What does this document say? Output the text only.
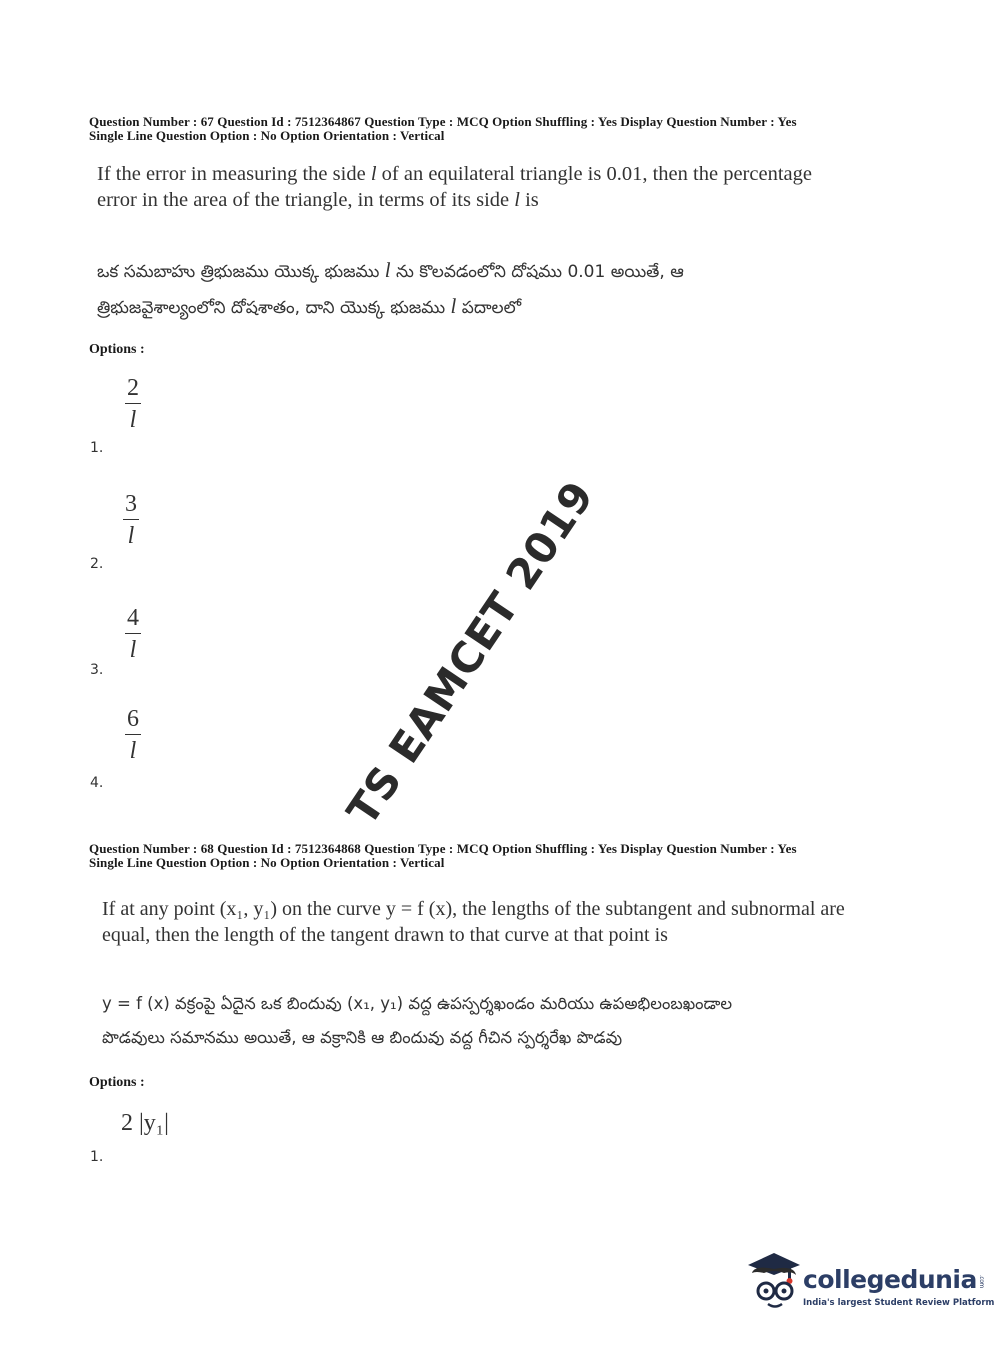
Question Number : 67 Question Id : 7512364867 Question Type : MCQ Option Shuffling : Yes Display Question Number : Yes
Single Line Question Option : No Option Orientation : Vertical
If the error in measuring the side l of an equilateral triangle is 0.01, then the percentage
error in the area of the triangle, in terms of its side l is
ఒక సమబాహు త్రిభుజము యొక్క భుజము l ను కొలవడంలోని దోషము 0.01 అయితే, ఆ
త్రిభుజవైశాల్యంలోని దోషశాతం, దాని యొక్క భుజము l పదాలలో
Options :
$\frac{2}{l}$
1.
$\frac{3}{l}$
2.
$\frac{4}{l}$
3.
$\frac{6}{l}$
4.	TS EAMCET 2019
Question Number : 68 Question Id : 7512364868 Question Type : MCQ Option Shuffling : Yes Display Question Number : Yes
Single Line Question Option : No Option Orientation : Vertical
If at any point (x₁, y₁) on the curve y = f (x), the lengths of the subtangent and subnormal are
equal, then the length of the tangent drawn to that curve at that point is
y = f (x) వక్రంపై ఏదైన ఒక బిందువు (x₁, y₁) వద్ద ఉపస్పర్శఖండం మరియు ఉపఅభిలంబఖండాల
పొడవులు సమానము అయితే, ఆ వక్రానికి ఆ బిందువు వద్ద గీచిన స్పర్శరేఖ పొడవు
Options :
2 |y₁|
1.
collegedunia.com
India's largest Student Review Platform
